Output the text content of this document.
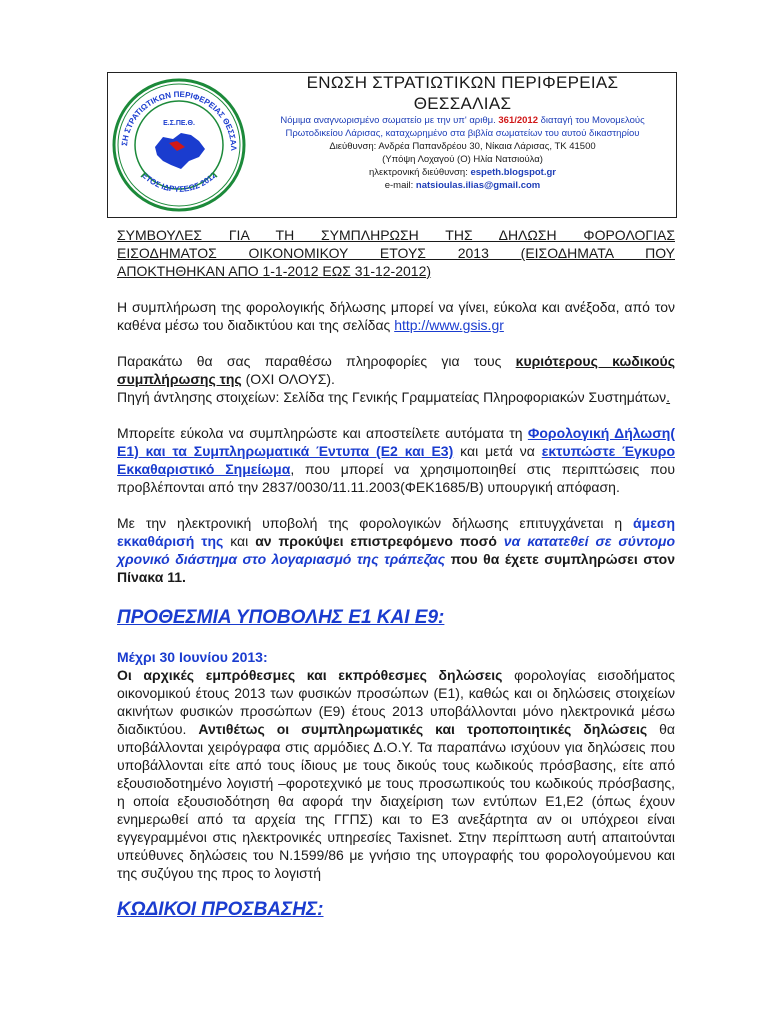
ΣΗ ΣΤΡΑΤΙΩΤΙΚΩΝ ΠΕΡΙΦΕΡΕΙΑΣ ΘΕΣΣΑΛ
ΕΤΟΣ ΙΔΡΥΣΕΩΣ 2012
Ε.Σ.ΠΕ.Θ.
ΕΝΩΣΗ ΣΤΡΑΤΙΩΤΙΚΩΝ ΠΕΡΙΦΕΡΕΙΑΣ
ΘΕΣΣΑΛΙΑΣ
Νόμιμα αναγνωρισμένο σωματείο με την υπ' αριθμ. 361/2012 διαταγή του Μονομελούς
Πρωτοδικείου Λάρισας, καταχωρημένο στα βιβλία σωματείων του αυτού δικαστηρίου
Διεύθυνση: Ανδρέα Παπανδρέου 30, Νίκαια Λάρισας, ΤΚ 41500
(Υπόψη Λοχαγού (Ο) Ηλία Νατσιούλα)
ηλεκτρονική διεύθυνση: espeth.blogspot.gr
e-mail: natsioulas.ilias@gmail.com

ΣΥΜΒΟΥΛΕΣ ΓΙΑ ΤΗ ΣΥΜΠΛΗΡΩΣΗ ΤΗΣ ΔΗΛΩΣΗ ΦΟΡΟΛΟΓΙΑΣ

ΕΙΣΟΔΗΜΑΤΟΣ ΟΙΚΟΝΟΜΙΚΟΥ ΕΤΟΥΣ 2013 (ΕΙΣΟΔΗΜΑΤΑ ΠΟΥ

ΑΠΟΚΤΗΘΗΚΑΝ ΑΠΟ 1-1-2012 ΕΩΣ 31-12-2012)

Η συμπλήρωση της φορολογικής δήλωσης μπορεί να γίνει, εύκολα και ανέξοδα, από τον καθένα μέσω του διαδικτύου και της σελίδας http://www.gsis.gr

Παρακάτω θα σας παραθέσω πληροφορίες για τους κυριότερους κωδικούς συμπλήρωσης της (ΟΧΙ ΟΛΟΥΣ).

Πηγή άντλησης στοιχείων: Σελίδα της Γενικής Γραμματείας Πληροφοριακών Συστημάτων.

Μπορείτε εύκολα να συμπληρώστε και αποστείλετε αυτόματα τη Φορολογική Δήλωση( Ε1) και τα Συμπληρωματικά Έντυπα (Ε2 και Ε3) και μετά να εκτυπώστε Έγκυρο Εκκαθαριστικό Σημείωμα, που μπορεί να χρησιμοποιηθεί στις περιπτώσεις που προβλέπονται από την 2837/0030/11.11.2003(ΦΕΚ1685/Β) υπουργική απόφαση.

Με την ηλεκτρονική υποβολή της φορολογικών δήλωσης επιτυγχάνεται η άμεση εκκαθάρισή της και αν προκύψει επιστρεφόμενο ποσό να κατατεθεί σε σύντομο χρονικό διάστημα στο λογαριασμό της τράπεζας που θα έχετε συμπληρώσει στον Πίνακα 11.

ΠΡΟΘΕΣΜΙΑ ΥΠΟΒΟΛΗΣ Ε1 ΚΑΙ Ε9:

Μέχρι 30 Ιουνίου 2013:

Οι αρχικές εμπρόθεσμες και εκπρόθεσμες δηλώσεις φορολογίας εισοδήματος οικονομικού έτους 2013 των φυσικών προσώπων (Ε1), καθώς και οι δηλώσεις στοιχείων ακινήτων φυσικών προσώπων (Ε9) έτους 2013 υποβάλλονται μόνο ηλεκτρονικά μέσω διαδικτύου. Αντιθέτως οι συμπληρωματικές και τροποποιητικές δηλώσεις θα υποβάλλονται χειρόγραφα στις αρμόδιες Δ.Ο.Υ. Τα παραπάνω ισχύουν για δηλώσεις που υποβάλλονται είτε από τους ίδιους με τους δικούς τους κωδικούς πρόσβασης, είτε από εξουσιοδοτημένο λογιστή –φοροτεχνικό με τους προσωπικούς του κωδικούς πρόσβασης, η οποία εξουσιοδότηση θα αφορά την διαχείριση των εντύπων Ε1,Ε2 (όπως έχουν ενημερωθεί από τα αρχεία της ΓΓΠΣ) και το Ε3 ανεξάρτητα αν οι υπόχρεοι είναι εγγεγραμμένοι στις ηλεκτρονικές υπηρεσίες Taxisnet. Στην περίπτωση αυτή απαιτούνται υπεύθυνες δηλώσεις του Ν.1599/86 με γνήσιο της υπογραφής του φορολογούμενου και της συζύγου της προς το λογιστή

ΚΩΔΙΚΟΙ ΠΡΟΣΒΑΣΗΣ:
